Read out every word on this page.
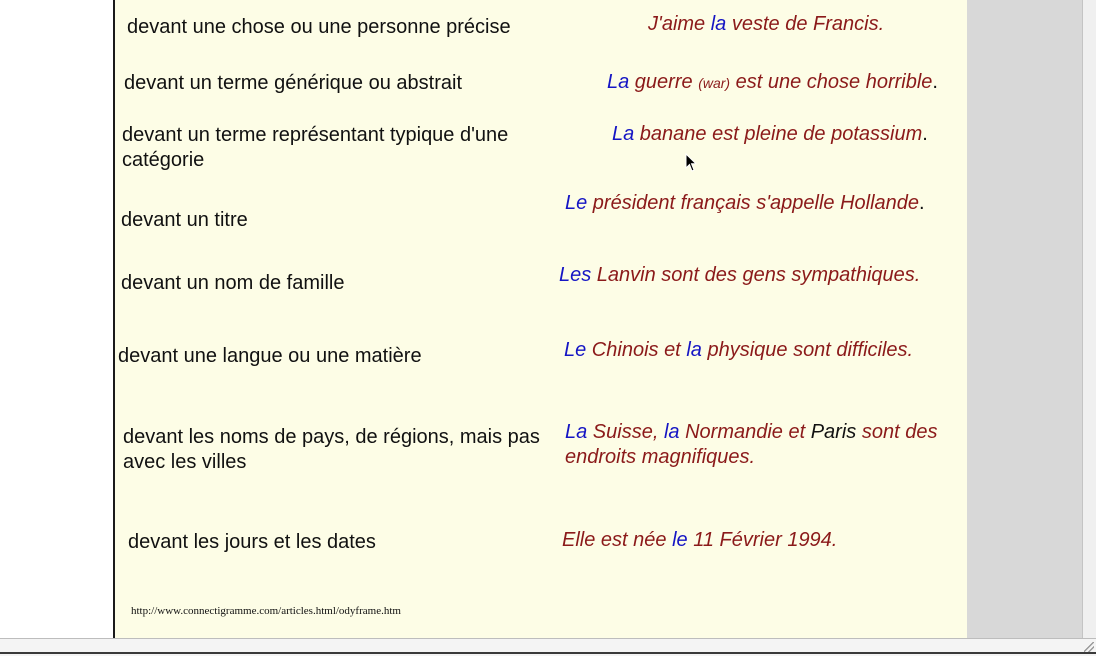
devant une chose ou une personne précise
devant un terme générique ou abstrait
devant un terme représentant typique d'une catégorie
devant un titre
devant un nom de famille
devant une langue ou une matière
devant les noms de pays, de régions, mais pas avec les villes
devant les jours et les dates
J'aime la veste de Francis.
La guerre (war) est une chose horrible.
La banane est pleine de potassium.
Le président français s'appelle Hollande.
Les Lanvin sont des gens sympathiques.
Le Chinois et la physique sont difficiles.
La Suisse, la Normandie et Paris sont des endroits magnifiques.
Elle est née le 11 Février 1994.
http://www.connectigramme.com/articles.html/odyframe.htm
